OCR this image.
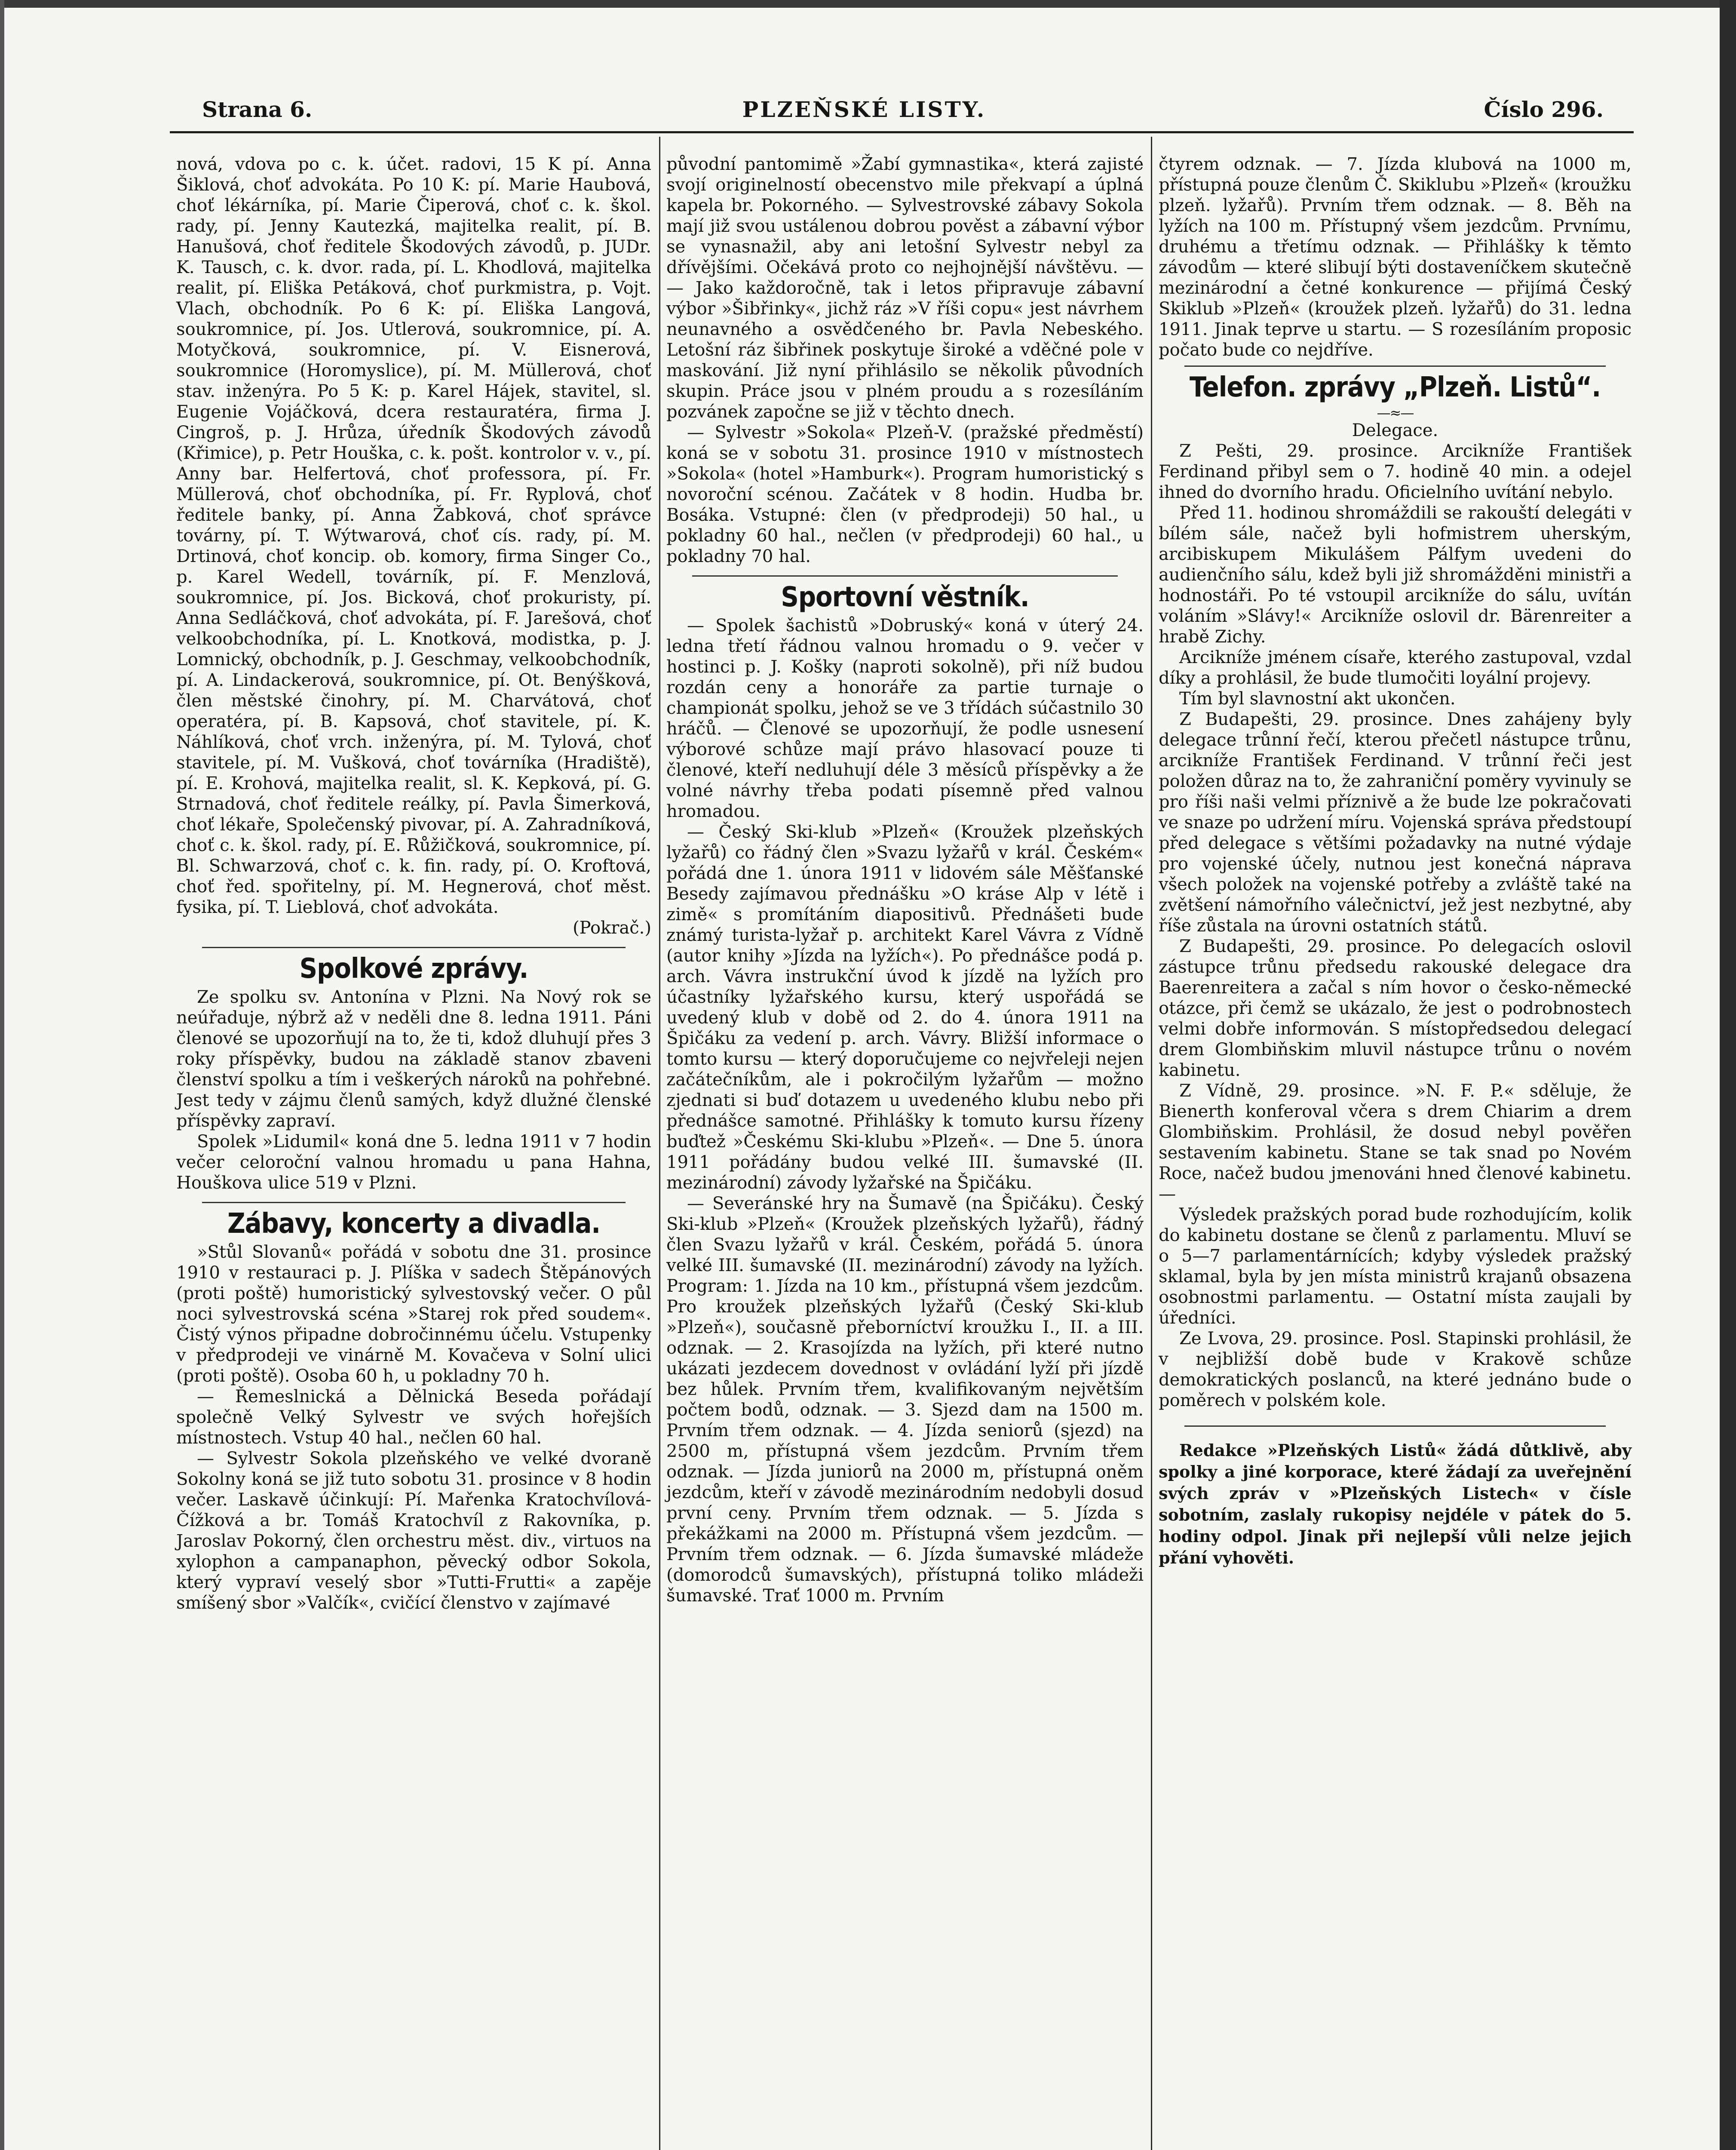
Strana 6.	PLZEŇSKÉ LISTY.	Číslo 296.

nová, vdova po c. k. účet. radovi, 15 K pí. Anna Šiklová, choť advokáta. Po 10 K: pí. Marie Haubová, choť lékárníka, pí. Marie Čiperová, choť c. k. škol. rady, pí. Jenny Kautezká, majitelka realit, pí. B. Hanušová, choť ředitele Škodových závodů, p. JUDr. K. Tausch, c. k. dvor. rada, pí. L. Khodlová, majitelka realit, pí. Eliška Petáková, choť purkmistra, p. Vojt. Vlach, obchodník. Po 6 K: pí. Eliška Langová, soukromnice, pí. Jos. Utlerová, soukromnice, pí. A. Motyčková, soukromnice, pí. V. Eisnerová, soukromnice (Horomyslice), pí. M. Müllerová, choť stav. inženýra. Po 5 K: p. Karel Hájek, stavitel, sl. Eugenie Vojáčková, dcera restauratéra, firma J. Cingroš, p. J. Hrůza, úředník Škodových závodů (Křimice), p. Petr Houška, c. k. pošt. kontrolor v. v., pí. Anny bar. Helfertová, choť professora, pí. Fr. Müllerová, choť obchodníka, pí. Fr. Ryplová, choť ředitele banky, pí. Anna Žabková, choť správce továrny, pí. T. Wýtwarová, choť cís. rady, pí. M. Drtinová, choť koncip. ob. komory, firma Singer Co., p. Karel Wedell, továrník, pí. F. Menzlová, soukromnice, pí. Jos. Bicková, choť prokuristy, pí. Anna Sedláčková, choť advokáta, pí. F. Jarešová, choť velkoobchodníka, pí. L. Knotková, modistka, p. J. Lomnický, obchodník, p. J. Geschmay, velkoobchodník, pí. A. Lindackerová, soukromnice, pí. Ot. Benýšková, člen městské činohry, pí. M. Charvátová, choť operatéra, pí. B. Kapsová, choť stavitele, pí. K. Náhlíková, choť vrch. inženýra, pí. M. Tylová, choť stavitele, pí. M. Vušková, choť továrníka (Hradiště), pí. E. Krohová, majitelka realit, sl. K. Kepková, pí. G. Strnadová, choť ředitele reálky, pí. Pavla Šimerková, choť lékaře, Společenský pivovar, pí. A. Zahradníková, choť c. k. škol. rady, pí. E. Růžičková, soukromnice, pí. Bl. Schwarzová, choť c. k. fin. rady, pí. O. Kroftová, choť řed. spořitelny, pí. M. Hegnerová, choť měst. fysika, pí. T. Lieblová, choť advokáta.

(Pokrač.)

Spolkové zprávy.

Ze spolku sv. Antonína v Plzni. Na Nový rok se neúřaduje, nýbrž až v neděli dne 8. ledna 1911. Páni členové se upozorňují na to, že ti, kdož dluhují přes 3 roky příspěvky, budou na základě stanov zbaveni členství spolku a tím i veškerých nároků na pohřebné. Jest tedy v zájmu členů samých, když dlužné členské příspěvky zapraví.

Spolek »Lidumil« koná dne 5. ledna 1911 v 7 hodin večer celoroční valnou hromadu u pana Hahna, Houškova ulice 519 v Plzni.

Zábavy, koncerty a divadla.

»Stůl Slovanů« pořádá v sobotu dne 31. prosince 1910 v restauraci p. J. Plíška v sadech Štěpánových (proti poště) humoristický sylvestovský večer. O půl noci sylvestrovská scéna »Starej rok před soudem«. Čistý výnos připadne dobročinnému účelu. Vstupenky v předprodeji ve vinárně M. Kovačeva v Solní ulici (proti poště). Osoba 60 h, u pokladny 70 h.

— Řemeslnická a Dělnická Beseda pořádají společně Velký Sylvestr ve svých hořejších místnostech. Vstup 40 hal., nečlen 60 hal.

— Sylvestr Sokola plzeňského ve velké dvoraně Sokolny koná se již tuto sobotu 31. prosince v 8 hodin večer. Laskavě účinkují: Pí. Mařenka Kratochvílová-Čížková a br. Tomáš Kratochvíl z Rakovníka, p. Jaroslav Pokorný, člen orchestru měst. div., virtuos na xylophon a campanaphon, pěvecký odbor Sokola, který vypraví veselý sbor »Tutti-Frutti« a zapěje smíšený sbor »Valčík«, cvičící členstvo v zajímavé

původní pantomimě »Žabí gymnastika«, která zajisté svojí originelností obecenstvo mile překvapí a úplná kapela br. Pokorného. — Sylvestrovské zábavy Sokola mají již svou ustálenou dobrou pověst a zábavní výbor se vynasnažil, aby ani letošní Sylvestr nebyl za dřívějšími. Očekává proto co nejhojnější návštěvu. — — Jako každoročně, tak i letos připravuje zábavní výbor »Šibřinky«, jichž ráz »V říši copu« jest návrhem neunavného a osvědčeného br. Pavla Nebeského. Letošní ráz šibřinek poskytuje široké a vděčné pole v maskování. Již nyní přihlásilo se několik původních skupin. Práce jsou v plném proudu a s rozesíláním pozvánek započne se již v těchto dnech.

— Sylvestr »Sokola« Plzeň-V. (pražské předměstí) koná se v sobotu 31. prosince 1910 v místnostech »Sokola« (hotel »Hamburk«). Program humoristický s novoroční scénou. Začátek v 8 hodin. Hudba br. Bosáka. Vstupné: člen (v předprodeji) 50 hal., u pokladny 60 hal., nečlen (v předprodeji) 60 hal., u pokladny 70 hal.

Sportovní věstník.

— Spolek šachistů »Dobruský« koná v úterý 24. ledna třetí řádnou valnou hromadu o 9. večer v hostinci p. J. Košky (naproti sokolně), při níž budou rozdán ceny a honoráře za partie turnaje o championát spolku, jehož se ve 3 třídách súčastnilo 30 hráčů. — Členové se upozorňují, že podle usnesení výborové schůze mají právo hlasovací pouze ti členové, kteří nedluhují déle 3 měsíců příspěvky a že volné návrhy třeba podati písemně před valnou hromadou.

— Český Ski-klub »Plzeň« (Kroužek plzeňských lyžařů) co řádný člen »Svazu lyžařů v král. Českém« pořádá dne 1. února 1911 v lidovém sále Měšťanské Besedy zajímavou přednášku »O kráse Alp v létě i zimě« s promítáním diapositivů. Přednášeti bude známý turista-lyžař p. architekt Karel Vávra z Vídně (autor knihy »Jízda na lyžích«). Po přednášce podá p. arch. Vávra instrukční úvod k jízdě na lyžích pro účastníky lyžařského kursu, který uspořádá se uvedený klub v době od 2. do 4. února 1911 na Špičáku za vedení p. arch. Vávry. Bližší informace o tomto kursu — který doporučujeme co nejvřeleji nejen začátečníkům, ale i pokročilým lyžařům — možno zjednati si buď dotazem u uvedeného klubu nebo při přednášce samotné. Přihlášky k tomuto kursu řízeny buďtež »Českému Ski-klubu »Plzeň«. — Dne 5. února 1911 pořádány budou velké III. šumavské (II. mezinárodní) závody lyžařské na Špičáku.

— Severánské hry na Šumavě (na Špičáku). Český Ski-klub »Plzeň« (Kroužek plzeňských lyžařů), řádný člen Svazu lyžařů v král. Českém, pořádá 5. února velké III. šumavské (II. mezinárodní) závody na lyžích. Program: 1. Jízda na 10 km., přístupná všem jezdcům. Pro kroužek plzeňských lyžařů (Český Ski-klub »Plzeň«), současně přeborníctví kroužku I., II. a III. odznak. — 2. Krasojízda na lyžích, při které nutno ukázati jezdecem dovednost v ovládání lyží při jízdě bez hůlek. Prvním třem, kvalifikovaným největším počtem bodů, odznak. — 3. Sjezd dam na 1500 m. Prvním třem odznak. — 4. Jízda seniorů (sjezd) na 2500 m, přístupná všem jezdcům. Prvním třem odznak. — Jízda juniorů na 2000 m, přístupná oněm jezdcům, kteří v závodě mezinárodním nedobyli dosud první ceny. Prvním třem odznak. — 5. Jízda s překážkami na 2000 m. Přístupná všem jezdcům. — Prvním třem odznak. — 6. Jízda šumavské mládeže (domorodců šumavských), přístupná toliko mládeži šumavské. Trať 1000 m. Prvním

čtyrem odznak. — 7. Jízda klubová na 1000 m, přístupná pouze členům Č. Skiklubu »Plzeň« (kroužku plzeň. lyžařů). Prvním třem odznak. — 8. Běh na lyžích na 100 m. Přístupný všem jezdcům. Prvnímu, druhému a třetímu odznak. — Přihlášky k těmto závodům — které slibují býti dostaveníčkem skutečně mezinárodní a četné konkurence — přijímá Český Skiklub »Plzeň« (kroužek plzeň. lyžařů) do 31. ledna 1911. Jinak teprve u startu. — S rozesíláním proposic počato bude co nejdříve.

Telefon. zprávy „Plzeň. Listů“.
—≈—
Delegace.

Z Pešti, 29. prosince. Arcikníže František Ferdinand přibyl sem o 7. hodině 40 min. a odejel ihned do dvorního hradu. Oficielního uvítání nebylo.

Před 11. hodinou shromáždili se rakouští delegáti v bílém sále, načež byli hofmistrem uherským, arcibiskupem Mikulášem Pálfym uvedeni do audienčního sálu, kdež byli již shromážděni ministři a hodnostáři. Po té vstoupil arcikníže do sálu, uvítán voláním »Slávy!« Arcikníže oslovil dr. Bärenreiter a hrabě Zichy.

Arcikníže jménem císaře, kterého zastupoval, vzdal díky a prohlásil, že bude tlumočiti loyální projevy.

Tím byl slavnostní akt ukončen.

Z Budapešti, 29. prosince. Dnes zahájeny byly delegace trůnní řečí, kterou přečetl nástupce trůnu, arcikníže František Ferdinand. V trůnní řeči jest položen důraz na to, že zahraniční poměry vyvinuly se pro říši naši velmi příznivě a že bude lze pokračovati ve snaze po udržení míru. Vojenská správa předstoupí před delegace s většími požadavky na nutné výdaje pro vojenské účely, nutnou jest konečná náprava všech položek na vojenské potřeby a zvláště také na zvětšení námořního válečnictví, jež jest nezbytné, aby říše zůstala na úrovni ostatních států.

Z Budapešti, 29. prosince. Po delegacích oslovil zástupce trůnu předsedu rakouské delegace dra Baerenreitera a začal s ním hovor o česko-německé otázce, při čemž se ukázalo, že jest o podrobnostech velmi dobře informován. S místopředsedou delegací drem Glombiňskim mluvil nástupce trůnu o novém kabinetu.

Z Vídně, 29. prosince. »N. F. P.« sděluje, že Bienerth konferoval včera s drem Chiarim a drem Glombiňskim. Prohlásil, že dosud nebyl pověřen sestavením kabinetu. Stane se tak snad po Novém Roce, načež budou jmenováni hned členové kabinetu. —

Výsledek pražských porad bude rozhodujícím, kolik do kabinetu dostane se členů z parlamentu. Mluví se o 5—7 parlamentárnících; kdyby výsledek pražský sklamal, byla by jen místa ministrů krajanů obsazena osobnostmi parlamentu. — Ostatní místa zaujali by úředníci.

Ze Lvova, 29. prosince. Posl. Stapinski prohlásil, že v nejbližší době bude v Krakově schůze demokratických poslanců, na které jednáno bude o poměrech v polském kole.

Redakce »Plzeňských Listů« žádá důtklivě, aby spolky a jiné korporace, které žádají za uveřejnění svých zpráv v »Plzeňských Listech« v čísle sobotním, zaslaly rukopisy nejdéle v pátek do 5. hodiny odpol. Jinak při nejlepší vůli nelze jejich přání vyhověti.
